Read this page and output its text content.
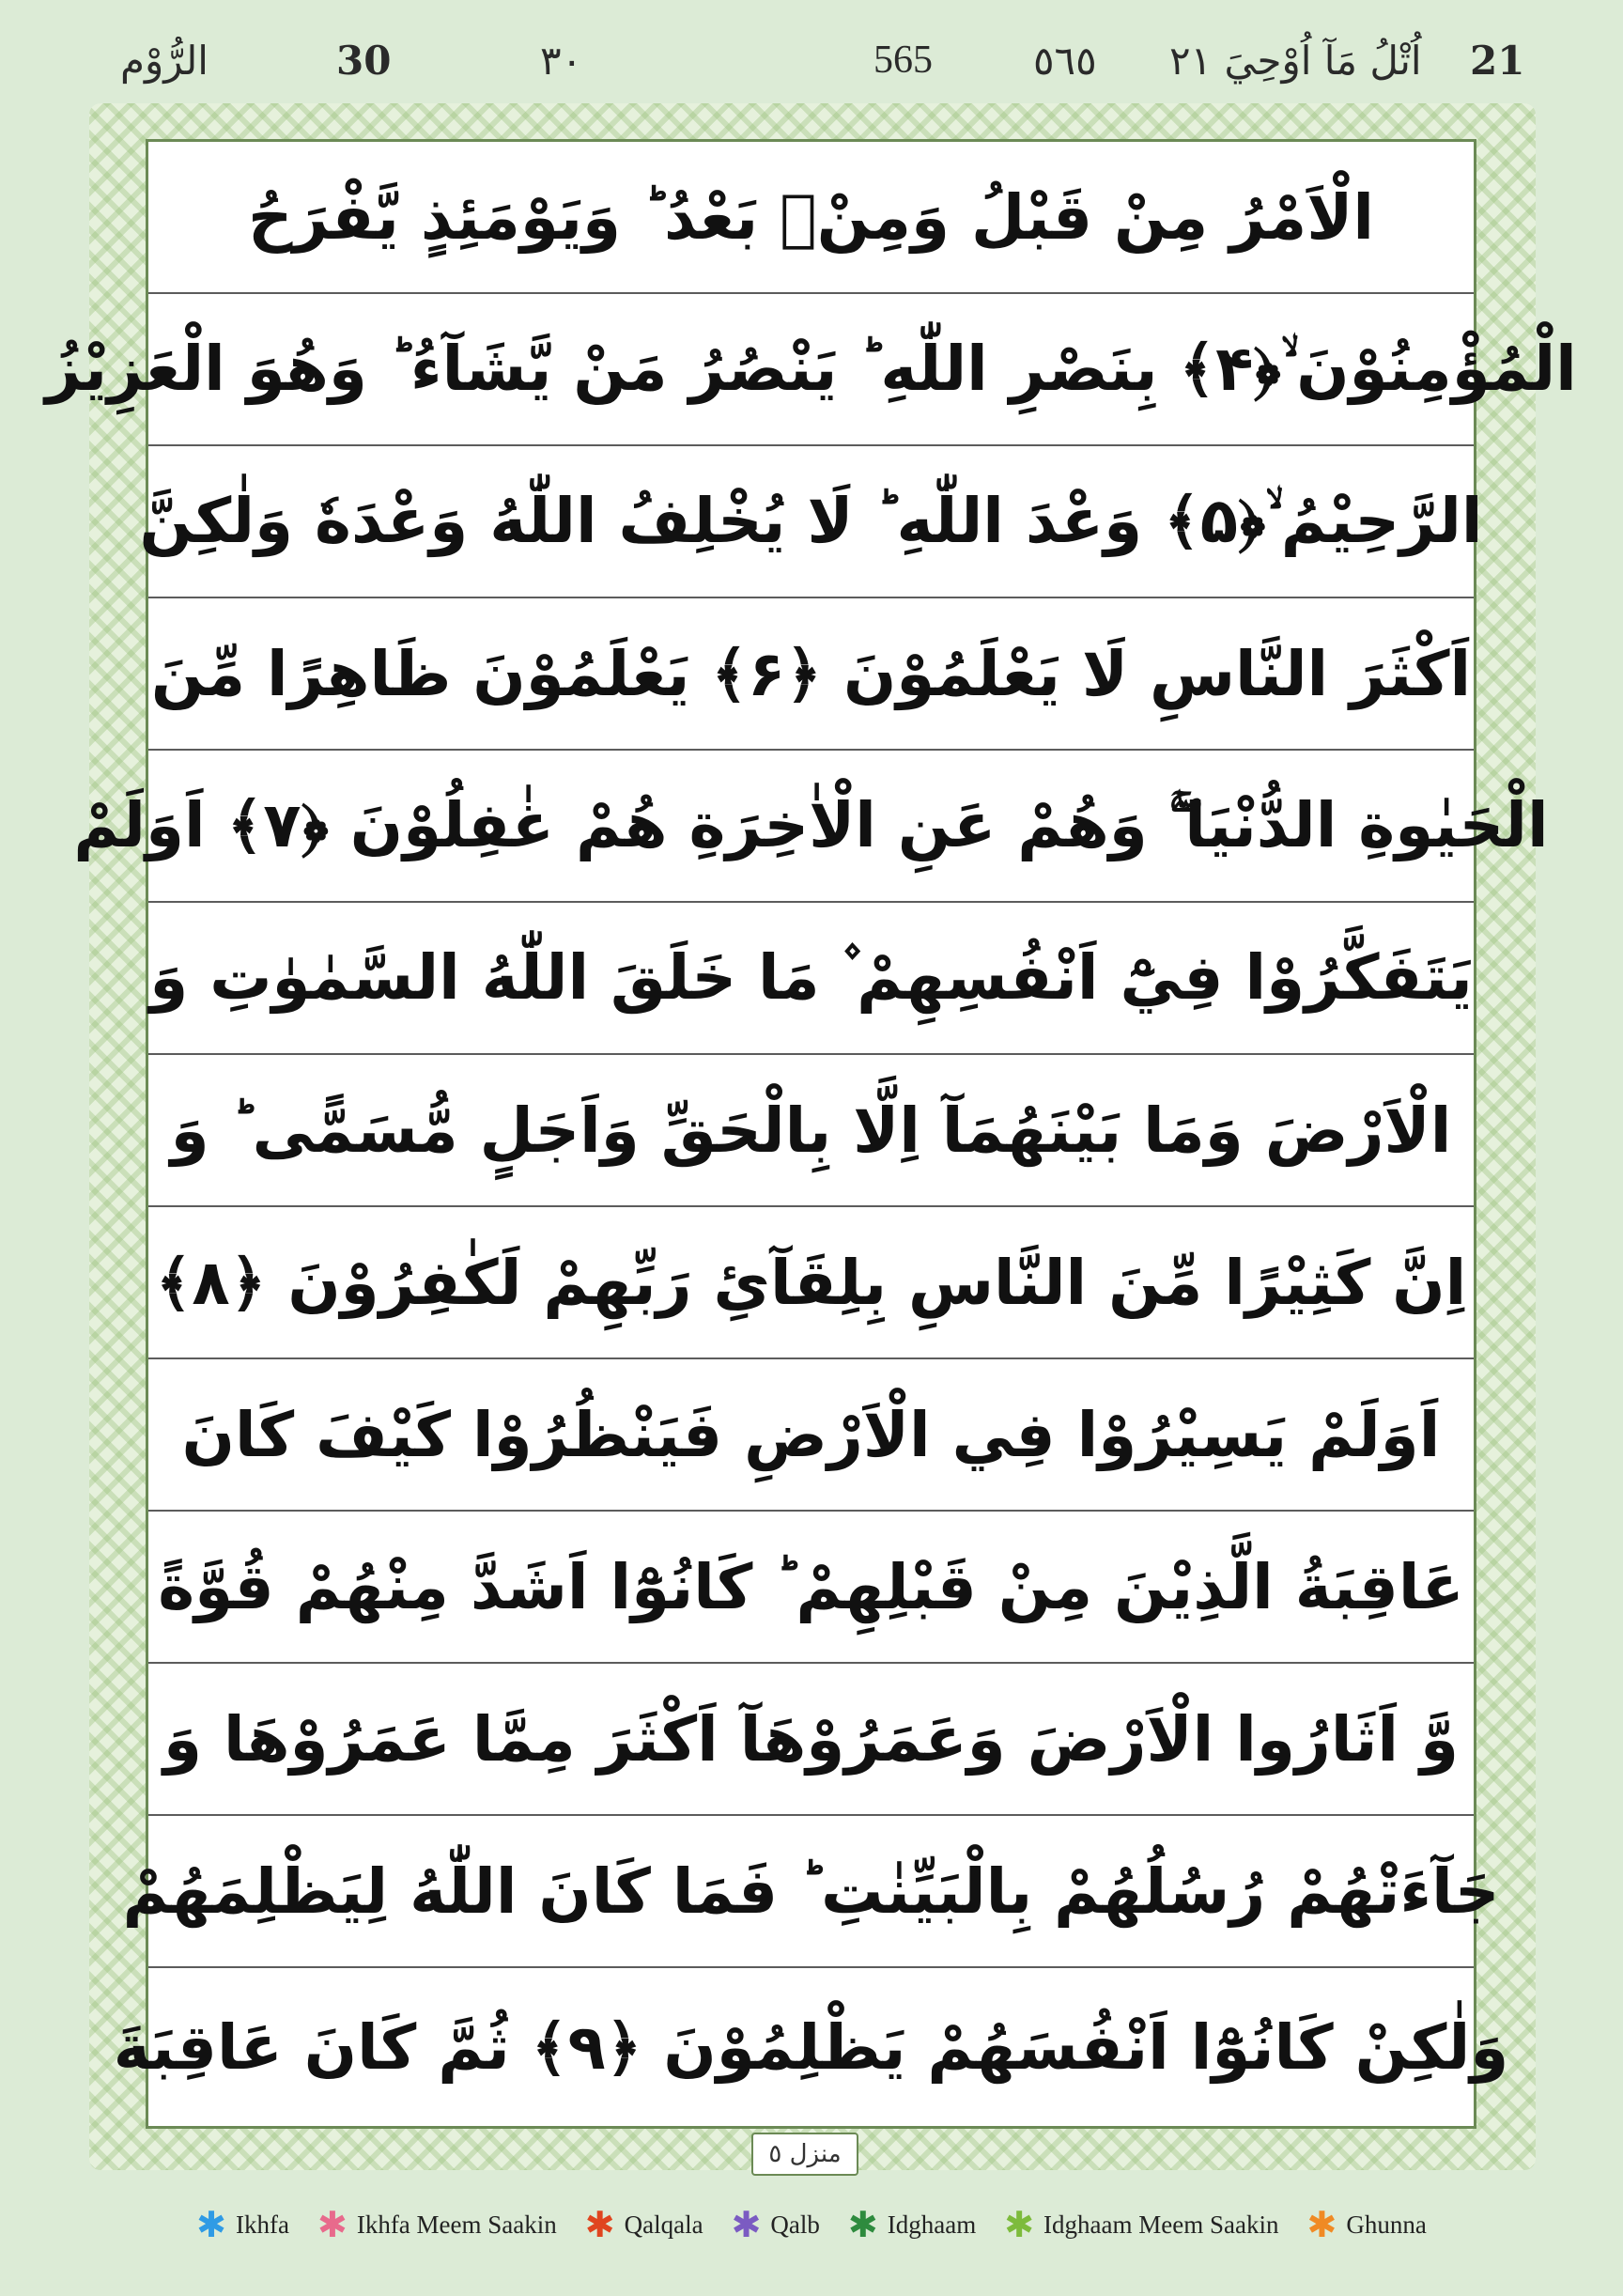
21
اُتْلُ مَآ اُوْحِيَ ٢١
٥٦٥
565
٣٠
30
الرُّوْم
الْاَمْرُ مِنْ قَبْلُ وَمِنْۢ بَعْدُ ؕ وَيَوْمَئِذٍ يَّفْرَحُ
الْمُؤْمِنُوْنَ ۙ﴿۴﴾ بِنَصْرِ اللّٰهِ ؕ يَنْصُرُ مَنْ يَّشَآءُ ؕ وَهُوَ الْعَزِيْزُ
الرَّحِيْمُ ۙ﴿۵﴾ وَعْدَ اللّٰهِ ؕ لَا يُخْلِفُ اللّٰهُ وَعْدَهٗ وَلٰكِنَّ
اَكْثَرَ النَّاسِ لَا يَعْلَمُوْنَ ﴿۶﴾ يَعْلَمُوْنَ ظَاهِرًا مِّنَ
الْحَيٰوةِ الدُّنْيَا ۚۖ وَهُمْ عَنِ الْاٰخِرَةِ هُمْ غٰفِلُوْنَ ﴿۷﴾ اَوَلَمْ
يَتَفَكَّرُوْا فِيْٓ اَنْفُسِهِمْ ۫ مَا خَلَقَ اللّٰهُ السَّمٰوٰتِ وَ
الْاَرْضَ وَمَا بَيْنَهُمَآ اِلَّا بِالْحَقِّ وَاَجَلٍ مُّسَمًّى ؕ وَ
اِنَّ كَثِيْرًا مِّنَ النَّاسِ بِلِقَآئِ رَبِّهِمْ لَكٰفِرُوْنَ ﴿۸﴾
اَوَلَمْ يَسِيْرُوْا فِي الْاَرْضِ فَيَنْظُرُوْا كَيْفَ كَانَ
عَاقِبَةُ الَّذِيْنَ مِنْ قَبْلِهِمْ ؕ كَانُوْٓا اَشَدَّ مِنْهُمْ قُوَّةً
وَّ اَثَارُوا الْاَرْضَ وَعَمَرُوْهَآ اَكْثَرَ مِمَّا عَمَرُوْهَا وَ
جَآءَتْهُمْ رُسُلُهُمْ بِالْبَيِّنٰتِ ؕ فَمَا كَانَ اللّٰهُ لِيَظْلِمَهُمْ
وَلٰكِنْ كَانُوْٓا اَنْفُسَهُمْ يَظْلِمُوْنَ ﴿۹﴾ ثُمَّ كَانَ عَاقِبَةَ
منزل ٥
✱ Ikhfa ✱ Ikhfa Meem Saakin ✱ Qalqala ✱ Qalb ✱ Idghaam ✱ Idghaam Meem Saakin ✱ Ghunna
